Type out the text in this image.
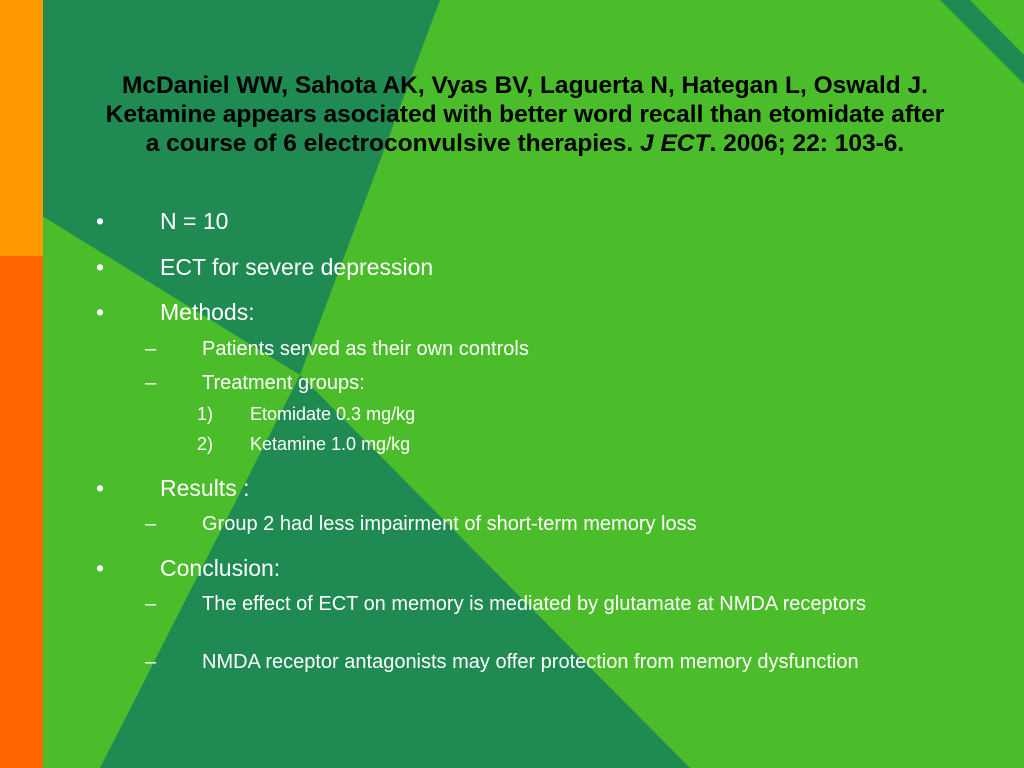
McDaniel WW, Sahota AK, Vyas BV, Laguerta N, Hategan L, Oswald J. Ketamine appears asociated with better word recall than etomidate after a course of 6 electroconvulsive therapies. J ECT. 2006; 22: 103-6.

• N = 10
• ECT for severe depression
• Methods:
– Patients served as their own controls
– Treatment groups:
1) Etomidate 0.3 mg/kg
2) Ketamine 1.0 mg/kg
• Results :
– Group 2 had less impairment of short-term memory loss
• Conclusion:
– The effect of ECT on memory is mediated by glutamate at NMDA receptors
– NMDA receptor antagonists may offer protection from memory dysfunction
